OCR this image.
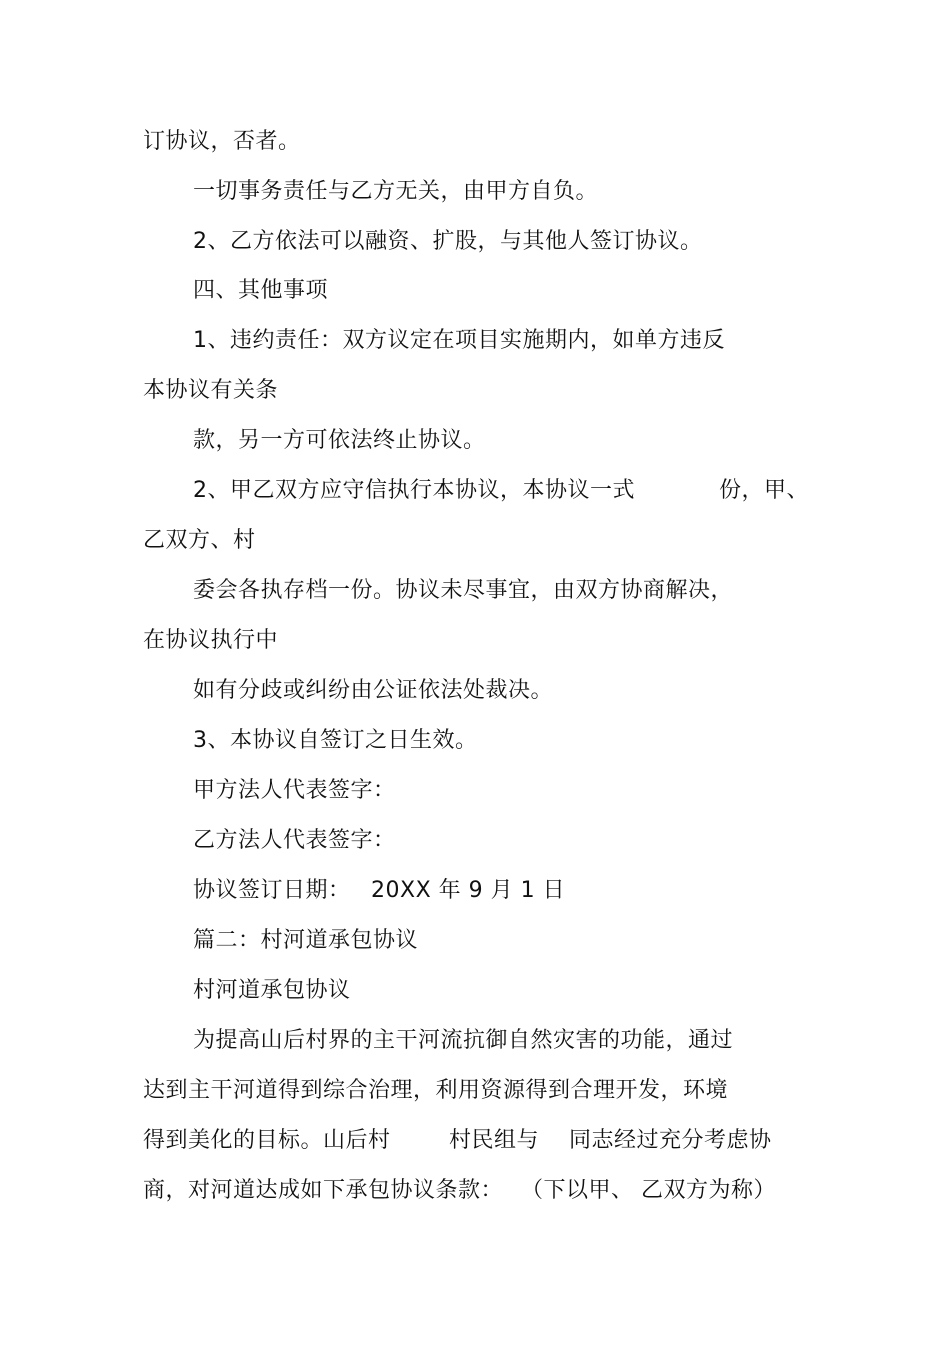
订协议，否者。
一切事务责任与乙方无关，由甲方自负。
2、乙方依法可以融资、扩股，与其他人签订协议。
四、其他事项
1、违约责任：双方议定在项目实施期内，如单方违反
本协议有关条
款，另一方可依法终止协议。
2、甲乙双方应守信执行本协议，本协议一式	份，甲、
乙双方、村
委会各执存档一份。协议未尽事宜，由双方协商解决，
在协议执行中
如有分歧或纠纷由公证依法处裁决。
3、本协议自签订之日生效。
甲方法人代表签字：
乙方法人代表签字：
协议签订日期： 20XX 年 9 月 1 日
篇二：村河道承包协议
村河道承包协议
为提高山后村界的主干河流抗御自然灾害的功能，通过
达到主干河道得到综合治理，利用资源得到合理开发，环境
得到美化的目标。山后村	村民组与 同志经过充分考虑协
商，对河道达成如下承包协议条款： （下以甲、 乙双方为称）
